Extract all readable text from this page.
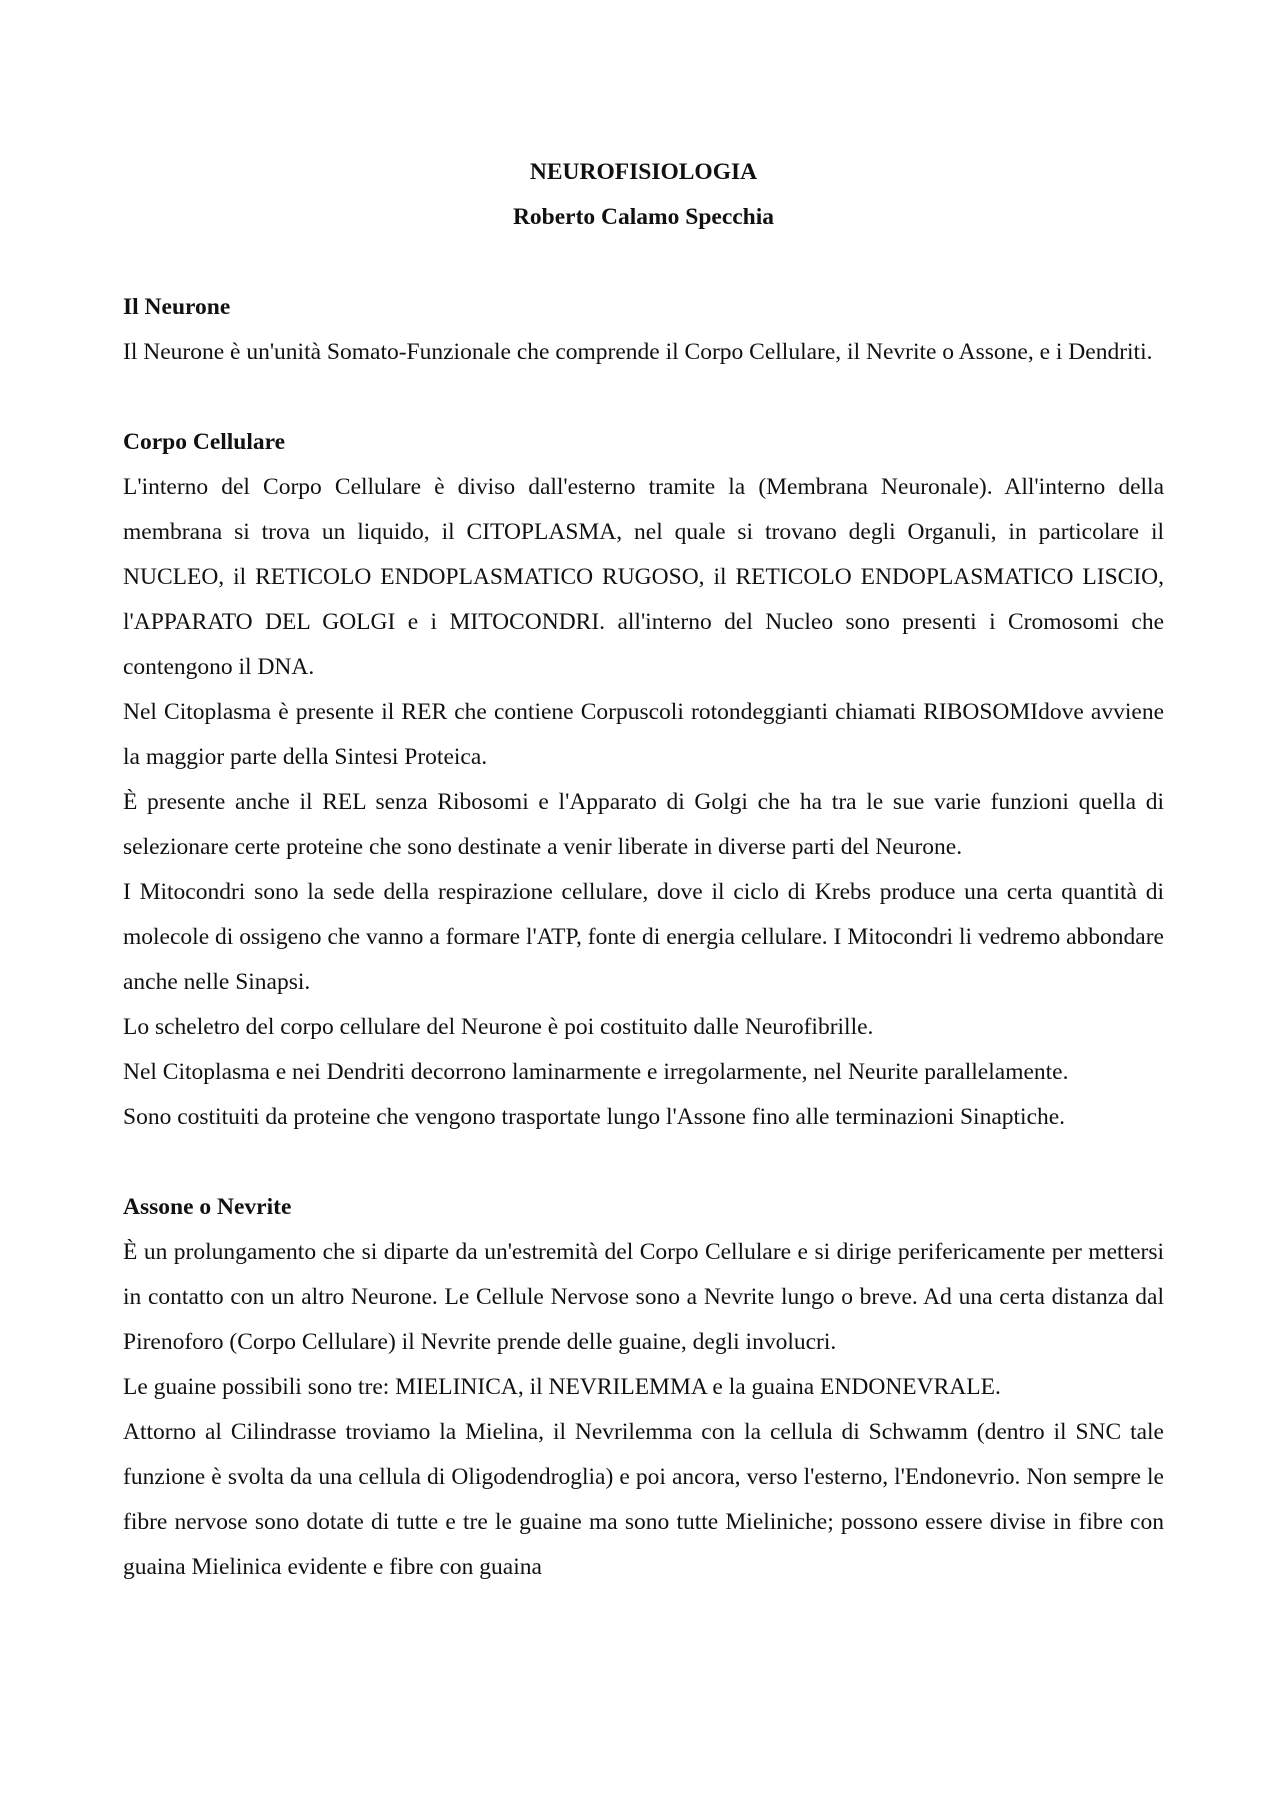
NEUROFISIOLOGIA

Roberto Calamo Specchia

Il Neurone

Il Neurone è un'unità Somato-Funzionale che comprende il Corpo Cellulare, il Nevrite o Assone, e i Dendriti.

Corpo Cellulare

L'interno del Corpo Cellulare è diviso dall'esterno tramite la (Membrana Neuronale). All'interno della membrana si trova un liquido, il CITOPLASMA, nel quale si trovano degli Organuli, in particolare il NUCLEO, il RETICOLO ENDOPLASMATICO RUGOSO, il RETICOLO ENDOPLASMATICO LISCIO, l'APPARATO DEL GOLGI e i MITOCONDRI. all'interno del Nucleo sono presenti i Cromosomi che contengono il DNA.

Nel Citoplasma è presente il RER che contiene Corpuscoli rotondeggianti chiamati RIBOSOMIdove avviene la maggior parte della Sintesi Proteica.

È presente anche il REL senza Ribosomi e l'Apparato di Golgi che ha tra le sue varie funzioni quella di selezionare certe proteine che sono destinate a venir liberate in diverse parti del Neurone.

I Mitocondri sono la sede della respirazione cellulare, dove il ciclo di Krebs produce una certa quantità di molecole di ossigeno che vanno a formare l'ATP, fonte di energia cellulare. I Mitocondri li vedremo abbondare anche nelle Sinapsi.

Lo scheletro del corpo cellulare del Neurone è poi costituito dalle Neurofibrille.

Nel Citoplasma e nei Dendriti decorrono laminarmente e irregolarmente, nel Neurite parallelamente.

Sono costituiti da proteine che vengono trasportate lungo l'Assone fino alle terminazioni Sinaptiche.

Assone o Nevrite

È un prolungamento che si diparte da un'estremità del Corpo Cellulare e si dirige perifericamente per mettersi in contatto con un altro Neurone. Le Cellule Nervose sono a Nevrite lungo o breve. Ad una certa distanza dal Pirenoforo (Corpo Cellulare) il Nevrite prende delle guaine, degli involucri.

Le guaine possibili sono tre: MIELINICA, il NEVRILEMMA e la guaina ENDONEVRALE.

Attorno al Cilindrasse troviamo la Mielina, il Nevrilemma con la cellula di Schwamm (dentro il SNC tale funzione è svolta da una cellula di Oligodendroglia) e poi ancora, verso l'esterno, l'Endonevrio. Non sempre le fibre nervose sono dotate di tutte e tre le guaine ma sono tutte Mieliniche; possono essere divise in fibre con guaina Mielinica evidente e fibre con guaina
